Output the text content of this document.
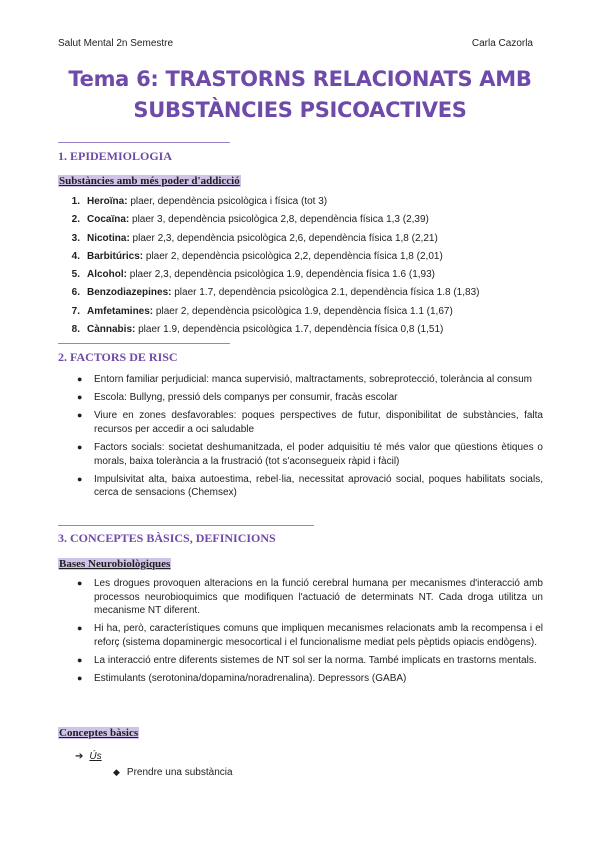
Salut Mental 2n Semestre	Carla Cazorla
Tema 6: TRASTORNS RELACIONATS AMB
SUBSTÀNCIES PSICOACTIVES
1. EPIDEMIOLOGIA
Substàncies amb més poder d'addicció
1. Heroïna: plaer, dependència psicològica i física (tot 3)
2. Cocaïna: plaer 3, dependència psicològica 2,8, dependència física 1,3 (2,39)
3. Nicotina: plaer 2,3, dependència psicològica 2,6, dependència física 1,8 (2,21)
4. Barbitúrics: plaer 2, dependència psicològica 2,2, dependència física 1,8 (2,01)
5. Alcohol: plaer 2,3, dependència psicològica 1.9, dependència física 1.6 (1,93)
6. Benzodiazepines: plaer 1.7, dependència psicològica 2.1, dependència física 1.8 (1,83)
7. Amfetamines: plaer 2, dependència psicològica 1.9, dependència física 1.1 (1,67)
8. Cànnabis: plaer 1.9, dependència psicològica 1.7, dependència física 0,8 (1,51)
2. FACTORS DE RISC
● Entorn familiar perjudicial: manca supervisió, maltractaments, sobreprotecció, tolerància al consum
● Escola: Bullyng, pressió dels companys per consumir, fracàs escolar
● Viure en zones desfavorables: poques perspectives de futur, disponibilitat de substàncies, falta recursos per accedir a oci saludable
● Factors socials: societat deshumanitzada, el poder adquisitiu té més valor que qüestions ètiques o morals, baixa tolerància a la frustració (tot s'aconsegueix ràpid i fàcil)
● Impulsivitat alta, baixa autoestima, rebel·lia, necessitat aprovació social, poques habilitats socials, cerca de sensacions (Chemsex)
3. CONCEPTES BÀSICS, DEFINICIONS
Bases Neurobiològiques
● Les drogues provoquen alteracions en la funció cerebral humana per mecanismes d'interacció amb processos neurobioquimics que modifiquen l'actuació de determinats NT. Cada droga utilitza un mecanisme NT diferent.
● Hi ha, però, característiques comuns que impliquen mecanismes relacionats amb la recompensa i el reforç (sistema dopaminergic mesocortical i el funcionalisme mediat pels pèptids opiacis endògens).
● La interacció entre diferents sistemes de NT sol ser la norma. També implicats en trastorns mentals.
● Estimulants (serotonina/dopamina/noradrenalina). Depressors (GABA)
Conceptes bàsics
➔ Ús
◆ Prendre una substància
